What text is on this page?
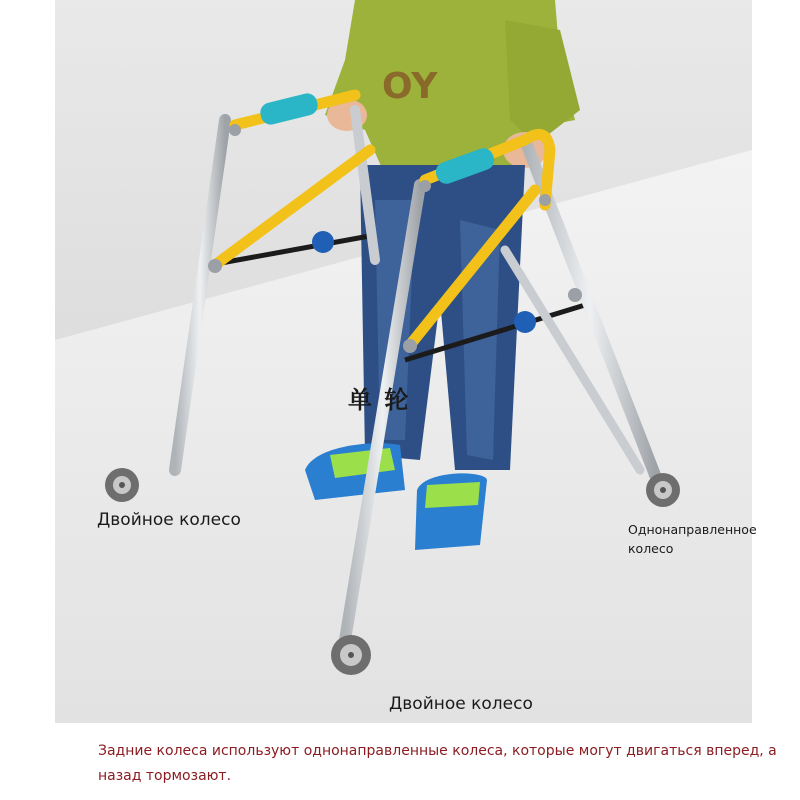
OY
单 轮
Двойное колесо
Двойное колесо
Однонаправленное колесо
Задние колеса используют однонаправленные колеса, которые могут двигаться вперед, а назад тормозают.
